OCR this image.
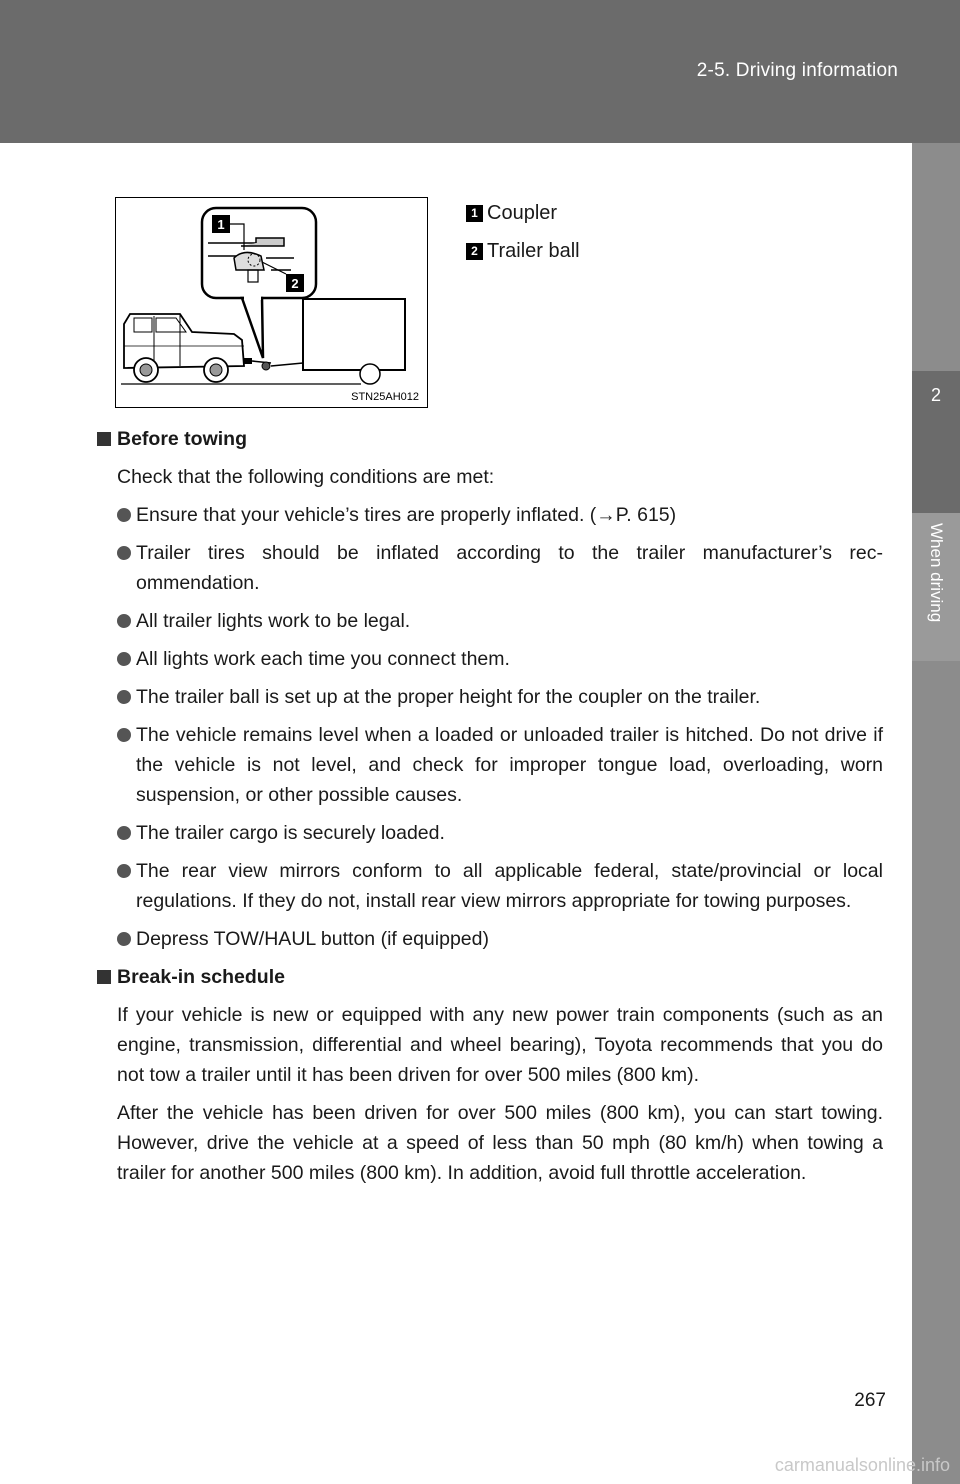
2-5. Driving information
2
When driving
1
2
STN25AH012
1 Coupler
2 Trailer ball
Before towing
Check that the following conditions are met:
Ensure that your vehicle’s tires are properly inflated. (→P. 615)
Trailer tires should be inflated according to the trailer manufacturer’s rec-ommendation.
All trailer lights work to be legal.
All lights work each time you connect them.
The trailer ball is set up at the proper height for the coupler on the trailer.
The vehicle remains level when a loaded or unloaded trailer is hitched. Do not drive if the vehicle is not level, and check for improper tongue load, overloading, worn suspension, or other possible causes.
The trailer cargo is securely loaded.
The rear view mirrors conform to all applicable federal, state/provincial or local regulations. If they do not, install rear view mirrors appropriate for towing purposes.
Depress TOW/HAUL button (if equipped)
Break-in schedule
If your vehicle is new or equipped with any new power train components (such as an engine, transmission, differential and wheel bearing), Toyota recommends that you do not tow a trailer until it has been driven for over 500 miles (800 km).
After the vehicle has been driven for over 500 miles (800 km), you can start towing. However, drive the vehicle at a speed of less than 50 mph (80 km/h) when towing a trailer for another 500 miles (800 km). In addition, avoid full throttle acceleration.
267
carmanualsonline.info
